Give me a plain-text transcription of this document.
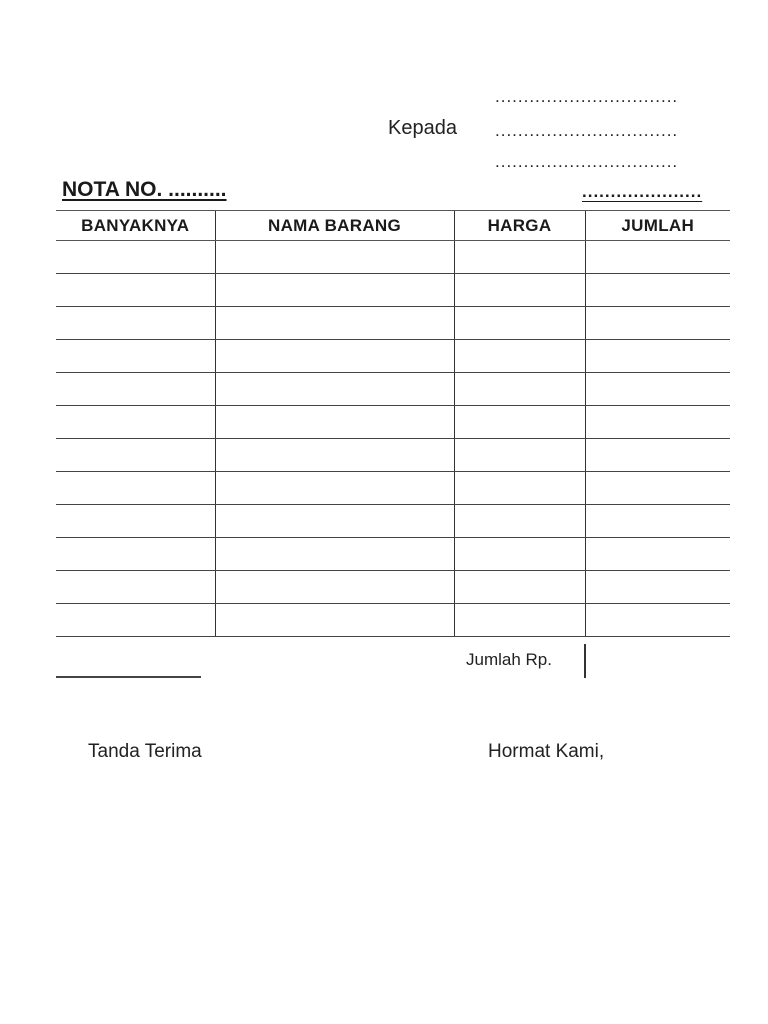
................................
Kepada ................................
................................
NOTA NO. ..........	.....................
BANYAKNYA	NAMA BARANG	HARGA	JUMLAH

Jumlah Rp.
Tanda Terima	Hormat Kami,
